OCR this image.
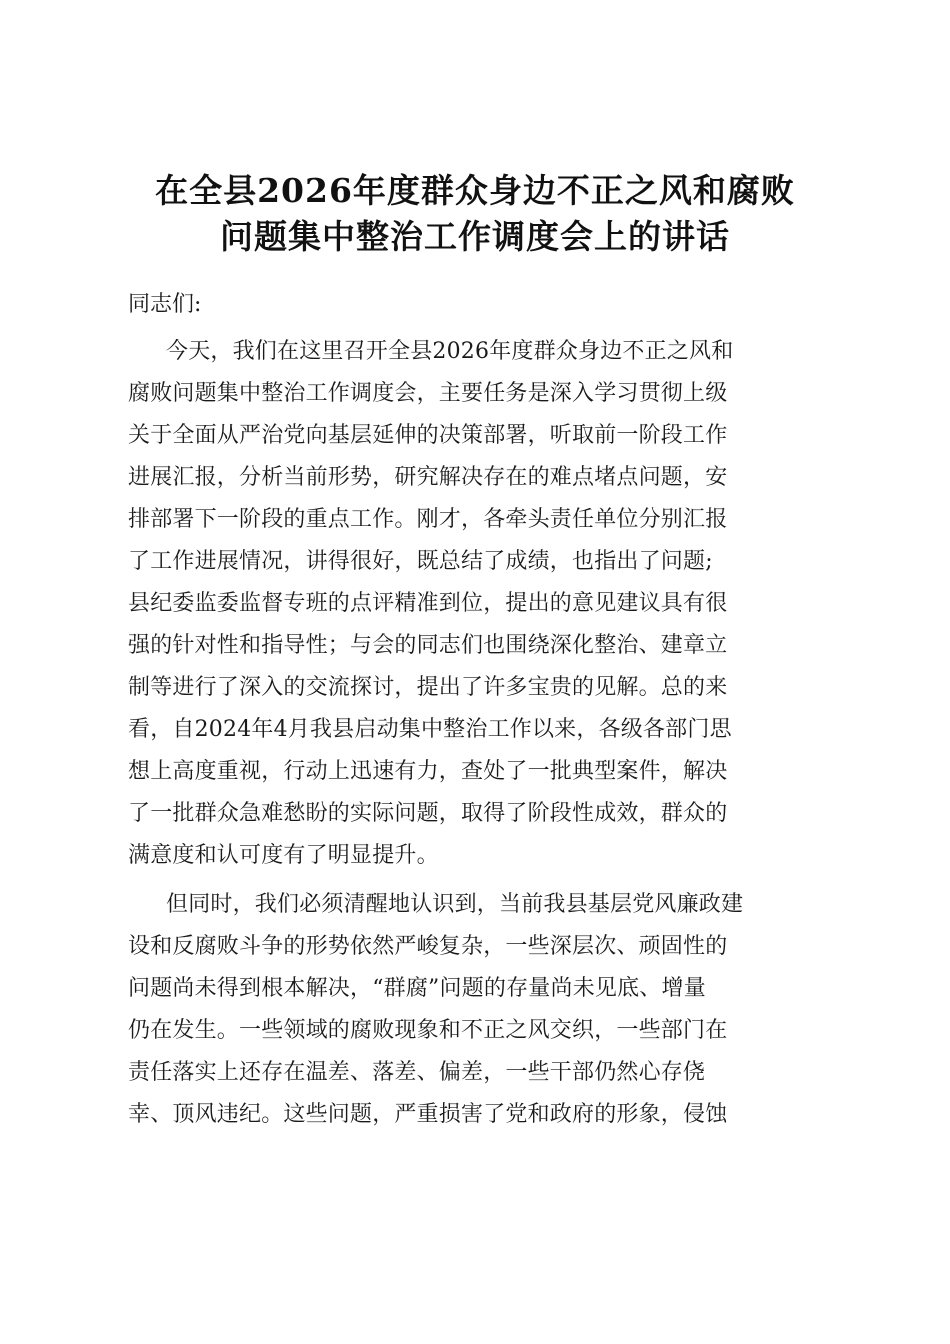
在全县2026年度群众身边不正之风和腐败
问题集中整治工作调度会上的讲话
同志们:
今天，我们在这里召开全县2026年度群众身边不正之风和
腐败问题集中整治工作调度会，主要任务是深入学习贯彻上级
关于全面从严治党向基层延伸的决策部署，听取前一阶段工作
进展汇报，分析当前形势，研究解决存在的难点堵点问题，安
排部署下一阶段的重点工作。刚才，各牵头责任单位分别汇报
了工作进展情况，讲得很好，既总结了成绩，也指出了问题;
县纪委监委监督专班的点评精准到位，提出的意见建议具有很
强的针对性和指导性；与会的同志们也围绕深化整治、建章立
制等进行了深入的交流探讨，提出了许多宝贵的见解。总的来
看，自2024年4月我县启动集中整治工作以来，各级各部门思
想上高度重视，行动上迅速有力，查处了一批典型案件，解决
了一批群众急难愁盼的实际问题，取得了阶段性成效，群众的
满意度和认可度有了明显提升。
但同时，我们必须清醒地认识到，当前我县基层党风廉政建
设和反腐败斗争的形势依然严峻复杂，一些深层次、顽固性的
问题尚未得到根本解决，“群腐”问题的存量尚未见底、增量
仍在发生。一些领域的腐败现象和不正之风交织，一些部门在
责任落实上还存在温差、落差、偏差，一些干部仍然心存侥
幸、顶风违纪。这些问题，严重损害了党和政府的形象，侵蚀
